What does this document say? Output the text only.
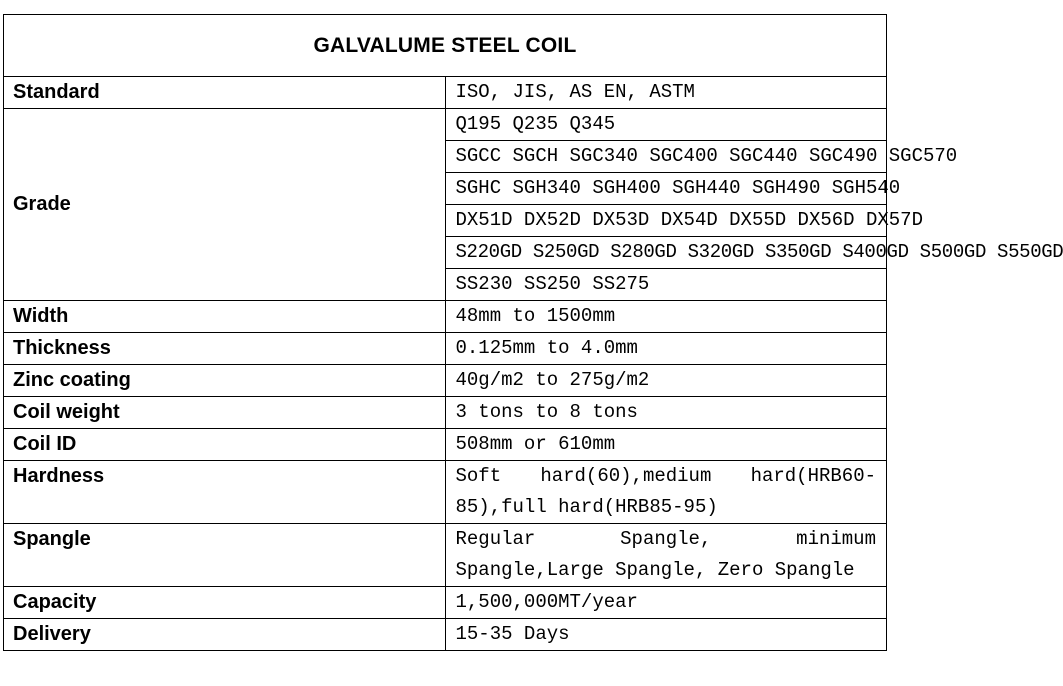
GALVALUME STEEL COIL	
Standard	ISO, JIS, AS EN, ASTM
Grade	Q195 Q235 Q345
	SGCC SGCH SGC340 SGC400 SGC440 SGC490 SGC570
	SGHC SGH340 SGH400 SGH440 SGH490 SGH540
	DX51D DX52D DX53D DX54D DX55D DX56D DX57D
	S220GD S250GD S280GD S320GD S350GD S400GD S500GD S550GD
	SS230 SS250 SS275
Width	48mm to 1500mm
Thickness	0.125mm to 4.0mm
Zinc coating	40g/m2 to 275g/m2
Coil weight	3 tons to 8 tons
Coil ID	508mm or 610mm
Hardness	Soft hard(60),medium hard(HRB60-85),full hard(HRB85-95)
Spangle	Regular Spangle, minimum Spangle,Large Spangle, Zero Spangle
Capacity	1,500,000MT/year
Delivery	15-35 Days
